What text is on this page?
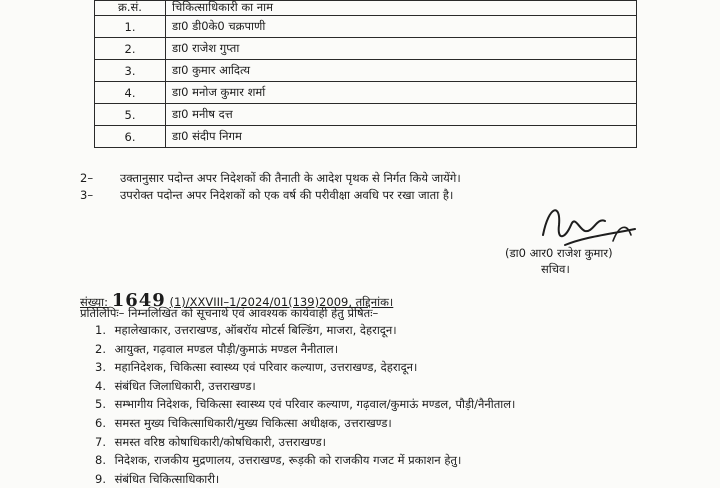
क्र.सं.	चिकित्साधिकारी का नाम
1.	डा0 डी0के0 चक्रपाणी
2.	डा0 राजेश गुप्ता
3.	डा0 कुमार आदित्य
4.	डा0 मनोज कुमार शर्मा
5.	डा0 मनीष दत्त
6.	डा0 संदीप निगम
2– उक्तानुसार पदोन्त अपर निदेशकों की तैनाती के आदेश पृथक से निर्गत किये जायेंगे।
3– उपरोक्त पदोन्त अपर निदेशकों को एक वर्ष की परीवीक्षा अवधि पर रखा जाता है।
(डा0 आर0 राजेश कुमार)
सचिव।
संख्या: 1649 (1)/XXVIII–1/2024/01(139)2009, तद्दिनांक।
प्रतिलिपिः– निम्नलिखित को सूचनार्थ एवं आवश्यक कार्यवाही हेतु प्रेषितः–
1. महालेखाकार, उत्तराखण्ड, ऑबरॉय मोटर्स बिल्डिंग, माजरा, देहरादून।
2. आयुक्त, गढ़वाल मण्डल पौड़ी/कुमाऊं मण्डल नैनीताल।
3. महानिदेशक, चिकित्सा स्वास्थ्य एवं परिवार कल्याण, उत्तराखण्ड, देहरादून।
4. संबंधित जिलाधिकारी, उत्तराखण्ड।
5. सम्भागीय निदेशक, चिकित्सा स्वास्थ्य एवं परिवार कल्याण, गढ़वाल/कुमाऊं मण्डल, पौड़ी/नैनीताल।
6. समस्त मुख्य चिकित्साधिकारी/मुख्य चिकित्सा अधीक्षक, उत्तराखण्ड।
7. समस्त वरिष्ठ कोषाधिकारी/कोषधिकारी, उत्तराखण्ड।
8. निदेशक, राजकीय मुद्रणालय, उत्तराखण्ड, रूड़की को राजकीय गजट में प्रकाशन हेतु।
9. संबंधित चिकित्साधिकारी।
